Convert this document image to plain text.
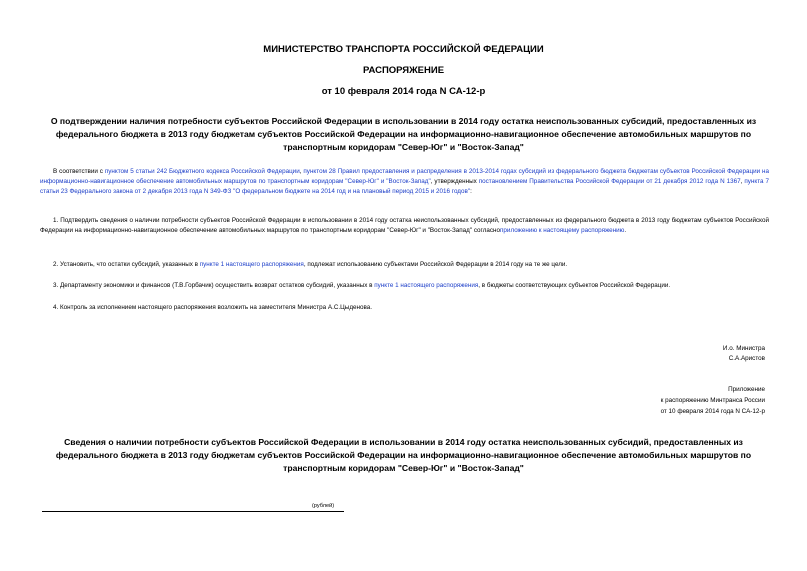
МИНИСТЕРСТВО ТРАНСПОРТА РОССИЙСКОЙ ФЕДЕРАЦИИ
РАСПОРЯЖЕНИЕ
от 10 февраля 2014 года N СА-12-р
О подтверждении наличия потребности субъектов Российской Федерации в использовании в 2014 году остатка неиспользованных субсидий, предоставленных из федерального бюджета в 2013 году бюджетам субъектов Российской Федерации на информационно-навигационное обеспечение автомобильных маршрутов по транспортным коридорам "Север-Юг" и "Восток-Запад"
В соответствии с пунктом 5 статьи 242 Бюджетного кодекса Российской Федерации, пунктом 28 Правил предоставления и распределения в 2013-2014 годах субсидий из федерального бюджета бюджетам субъектов Российской Федерации на информационно-навигационное обеспечение автомобильных маршрутов по транспортным коридорам "Север-Юг" и "Восток-Запад", утвержденных постановлением Правительства Российской Федерации от 21 декабря 2012 года N 1367, пункта 7 статьи 23 Федерального закона от 2 декабря 2013 года N 349-ФЗ "О федеральном бюджете на 2014 год и на плановый период 2015 и 2016 годов":
1. Подтвердить сведения о наличии потребности субъектов Российской Федерации в использовании в 2014 году остатка неиспользованных субсидий, предоставленных из федерального бюджета в 2013 году бюджетам субъектов Российской Федерации на информационно-навигационное обеспечение автомобильных маршрутов по транспортным коридорам "Север-Юг" и "Восток-Запад" согласноприложению к настоящему распоряжению.
2. Установить, что остатки субсидий, указанных в пункте 1 настоящего распоряжения, подлежат использованию субъектами Российской Федерации в 2014 году на те же цели.
3. Департаменту экономики и финансов (Т.В.Горбачик) осуществить возврат остатков субсидий, указанных в пункте 1 настоящего распоряжения, в бюджеты соответствующих субъектов Российской Федерации.
4. Контроль за исполнением настоящего распоряжения возложить на заместителя Министра А.С.Цыденова.
И.о. Министра
С.А.Аристов
Приложение
к распоряжению Минтранса России
от 10 февраля 2014 года N СА-12-р
Сведения о наличии потребности субъектов Российской Федерации в использовании в 2014 году остатка неиспользованных субсидий, предоставленных из федерального бюджета в 2013 году бюджетам субъектов Российской Федерации на информационно-навигационное обеспечение автомобильных маршрутов по транспортным коридорам "Север-Юг" и "Восток-Запад"
(рублей)
